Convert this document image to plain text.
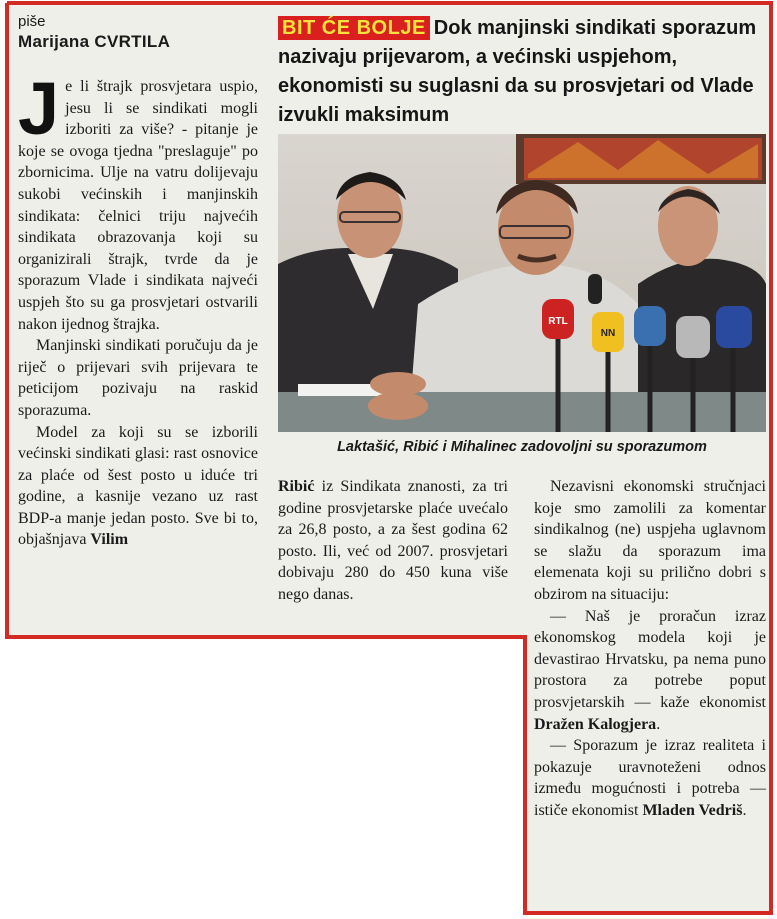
piše
Marijana CVRTILA
BIT ĆE BOLJE Dok manjinski sindikati sporazum nazivaju prijevarom, a većinski uspjehom, ekonomisti su suglasni da su prosvjetari od Vlade izvukli maksimum

Je li štrajk prosvjetara uspio, jesu li se sindikati mogli izboriti za više? - pitanje je koje se ovoga tjedna "preslaguje" po zbornicima. Ulje na vatru dolijevaju sukobi većinskih i manjinskih sindikata: čelnici triju najvećih sindikata obrazovanja koji su organizirali štrajk, tvrde da je sporazum Vlade i sindikata najveći uspjeh što su ga prosvjetari ostvarili nakon ijednog štrajka.

Manjinski sindikati poručuju da je riječ o prijevari svih prijevara te peticijom pozivaju na raskid sporazuma.

Model za koji su se izborili većinski sindikati glasi: rast osnovice za plaće od šest posto u iduće tri godine, a kasnije vezano uz rast BDP-a manje jedan posto. Sve bi to, objašnjava Vilim

RTL
NN
Laktašić, Ribić i Mihalinec zadovoljni su sporazumom

Ribić iz Sindikata znanosti, za tri godine prosvjetarske plaće uvećalo za 26,8 posto, a za šest godina 62 posto. Ili, već od 2007. prosvjetari dobivaju 280 do 450 kuna više nego danas.

Nezavisni ekonomski stručnjaci koje smo zamolili za komentar sindikalnog (ne) uspjeha uglavnom se slažu da sporazum ima elemenata koji su prilično dobri s obzirom na situaciju:

— Naš je proračun izraz ekonomskog modela koji je devastirao Hrvatsku, pa nema puno prostora za potrebe poput prosvjetarskih — kaže ekonomist Dražen Kalogjera.

— Sporazum je izraz realiteta i pokazuje uravnoteženi odnos između mogućnosti i potreba — ističe ekonomist Mladen Vedriš.
